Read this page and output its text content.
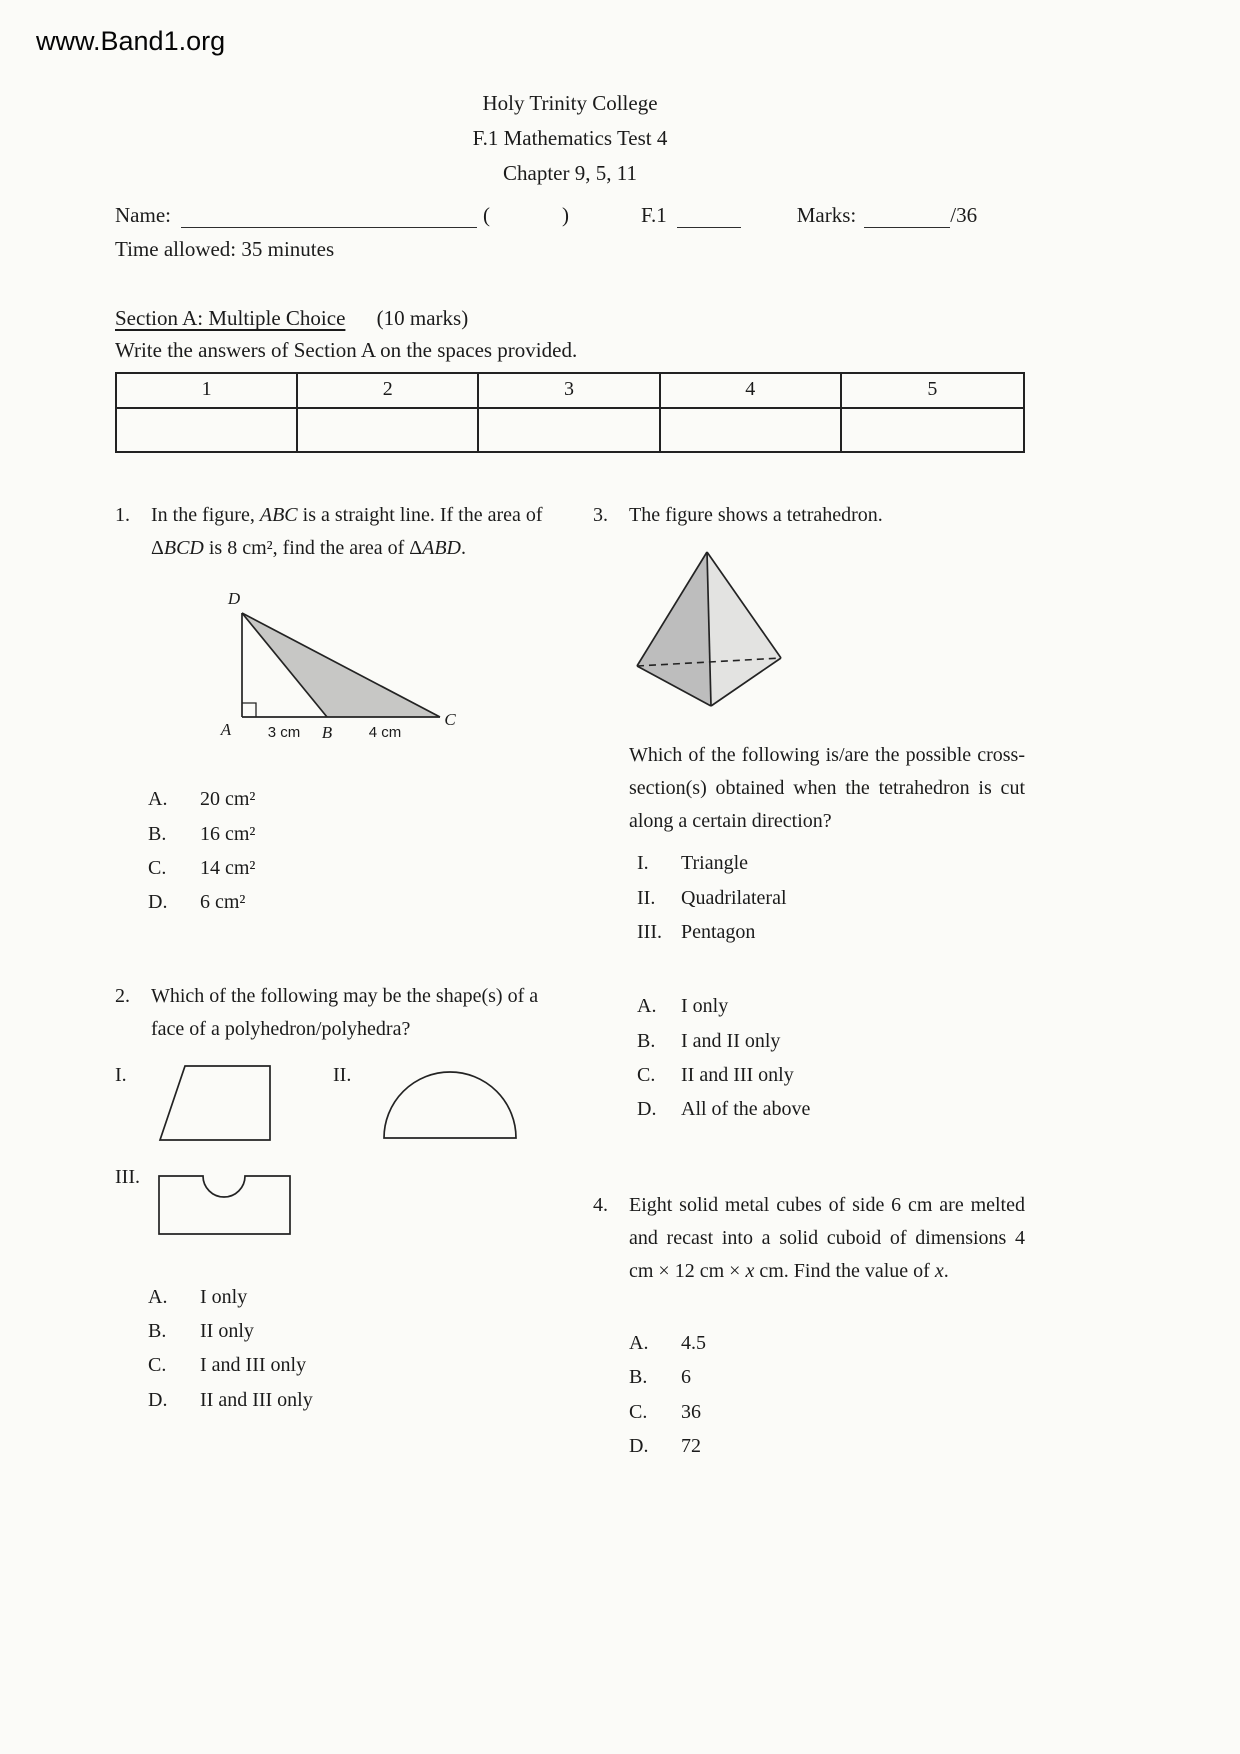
www.Band1.org
Holy Trinity College
F.1 Mathematics Test 4
Chapter 9, 5, 11
Name:	(	)	F.1	Marks:	/36
Time allowed: 35 minutes
Section A: Multiple Choice (10 marks)
Write the answers of Section A on the spaces provided.
1	2	3	4	5
1.	In the figure, ABC is a straight line. If the area of ΔBCD is 8 cm², find the area of ΔABD.
D
A	B
C
3 cm	4 cm
A.	20 cm²
B.	16 cm²
C.	14 cm²
D.	6 cm²
2.	Which of the following may be the shape(s) of a face of a polyhedron/polyhedra?
I.	II.
III.
A.	I only
B.	II only
C.	I and III only
D.	II and III only
3.	The figure shows a tetrahedron.
Which of the following is/are the possible cross-section(s) obtained when the tetrahedron is cut along a certain direction?
I.	Triangle
II.	Quadrilateral
III. Pentagon
A.	I only
B.	I and II only
C.	II and III only
D.	All of the above
4.	Eight solid metal cubes of side 6 cm are melted and recast into a solid cuboid of dimensions 4 cm × 12 cm × x cm. Find the value of x.
A.	4.5
B.	6
C.	36
D.	72
